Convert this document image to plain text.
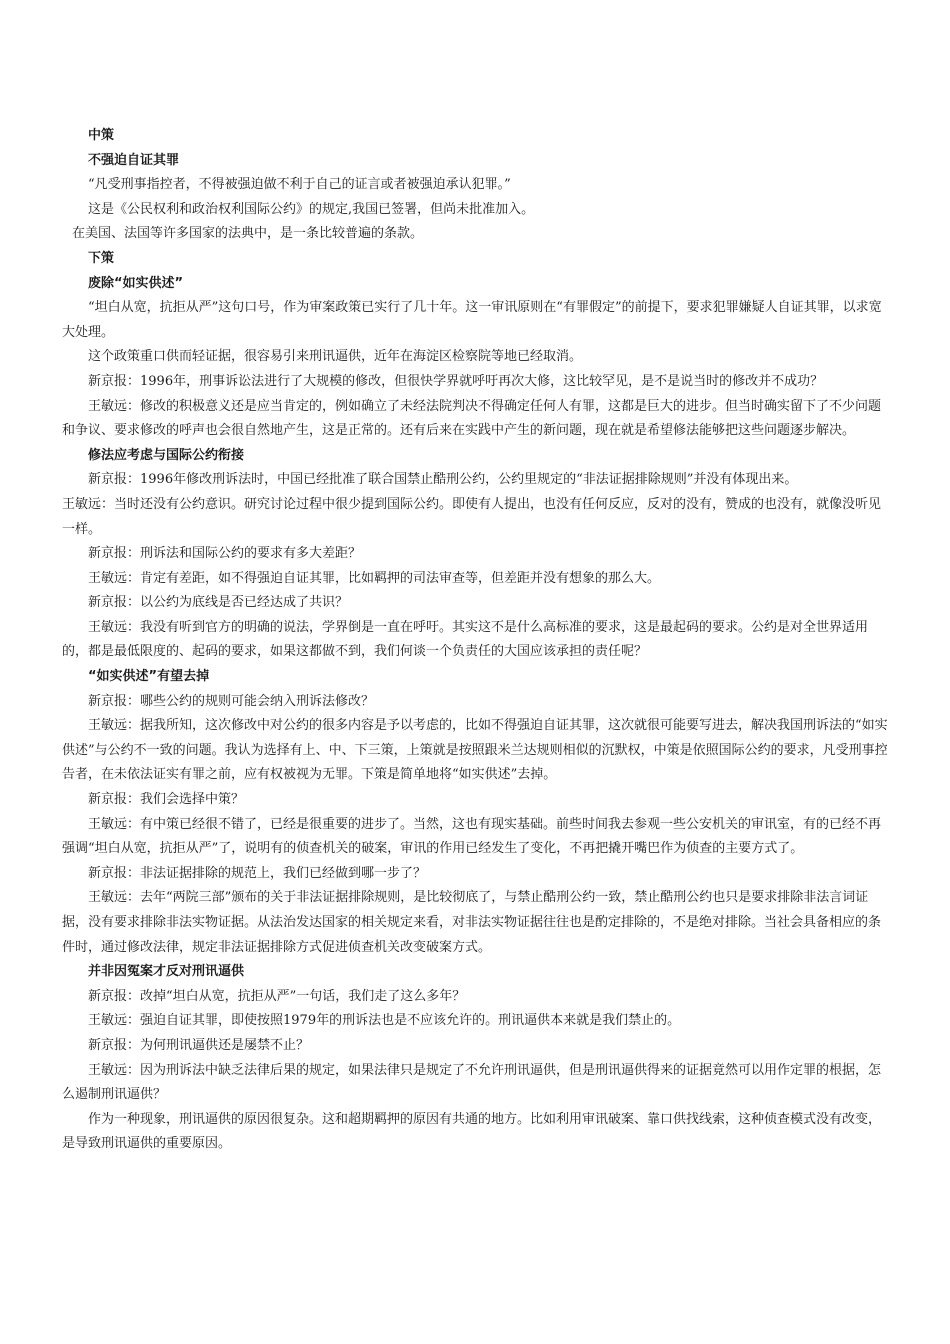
中策

不强迫自证其罪

“凡受刑事指控者，不得被强迫做不利于自己的证言或者被强迫承认犯罪。”

这是《公民权利和政治权利国际公约》的规定,我国已签署，但尚未批准加入。

在美国、法国等许多国家的法典中，是一条比较普遍的条款。

下策

废除“如实供述”

“坦白从宽，抗拒从严”这句口号，作为审案政策已实行了几十年。这一审讯原则在“有罪假定”的前提下，要求犯罪嫌疑人自证其罪，以求宽大处理。

这个政策重口供而轻证据，很容易引来刑讯逼供，近年在海淀区检察院等地已经取消。

新京报：1996年，刑事诉讼法进行了大规模的修改，但很快学界就呼吁再次大修，这比较罕见，是不是说当时的修改并不成功？

王敏远：修改的积极意义还是应当肯定的，例如确立了未经法院判决不得确定任何人有罪，这都是巨大的进步。但当时确实留下了不少问题和争议、要求修改的呼声也会很自然地产生，这是正常的。还有后来在实践中产生的新问题，现在就是希望修法能够把这些问题逐步解决。

修法应考虑与国际公约衔接

新京报：1996年修改刑诉法时，中国已经批准了联合国禁止酷刑公约，公约里规定的“非法证据排除规则”并没有体现出来。

王敏远：当时还没有公约意识。研究讨论过程中很少提到国际公约。即使有人提出，也没有任何反应，反对的没有，赞成的也没有，就像没听见一样。

新京报：刑诉法和国际公约的要求有多大差距？

王敏远：肯定有差距，如不得强迫自证其罪，比如羁押的司法审查等，但差距并没有想象的那么大。

新京报：以公约为底线是否已经达成了共识？

王敏远：我没有听到官方的明确的说法，学界倒是一直在呼吁。其实这不是什么高标准的要求，这是最起码的要求。公约是对全世界适用的，都是最低限度的、起码的要求，如果这都做不到，我们何谈一个负责任的大国应该承担的责任呢？

“如实供述”有望去掉

新京报：哪些公约的规则可能会纳入刑诉法修改？

王敏远：据我所知，这次修改中对公约的很多内容是予以考虑的，比如不得强迫自证其罪，这次就很可能要写进去，解决我国刑诉法的“如实供述”与公约不一致的问题。我认为选择有上、中、下三策，上策就是按照跟米兰达规则相似的沉默权，中策是依照国际公约的要求，凡受刑事控告者，在未依法证实有罪之前，应有权被视为无罪。下策是简单地将“如实供述”去掉。

新京报：我们会选择中策？

王敏远：有中策已经很不错了，已经是很重要的进步了。当然，这也有现实基础。前些时间我去参观一些公安机关的审讯室，有的已经不再强调“坦白从宽，抗拒从严”了，说明有的侦查机关的破案，审讯的作用已经发生了变化，不再把撬开嘴巴作为侦查的主要方式了。

新京报：非法证据排除的规范上，我们已经做到哪一步了？

王敏远：去年“两院三部”颁布的关于非法证据排除规则，是比较彻底了，与禁止酷刑公约一致，禁止酷刑公约也只是要求排除非法言词证据，没有要求排除非法实物证据。从法治发达国家的相关规定来看，对非法实物证据往往也是酌定排除的，不是绝对排除。当社会具备相应的条件时，通过修改法律，规定非法证据排除方式促进侦查机关改变破案方式。

并非因冤案才反对刑讯逼供

新京报：改掉“坦白从宽，抗拒从严”一句话，我们走了这么多年？

王敏远：强迫自证其罪，即使按照1979年的刑诉法也是不应该允许的。刑讯逼供本来就是我们禁止的。

新京报：为何刑讯逼供还是屡禁不止？

王敏远：因为刑诉法中缺乏法律后果的规定，如果法律只是规定了不允许刑讯逼供，但是刑讯逼供得来的证据竟然可以用作定罪的根据，怎么遏制刑讯逼供？

作为一种现象，刑讯逼供的原因很复杂。这和超期羁押的原因有共通的地方。比如利用审讯破案、靠口供找线索，这种侦查模式没有改变，是导致刑讯逼供的重要原因。
